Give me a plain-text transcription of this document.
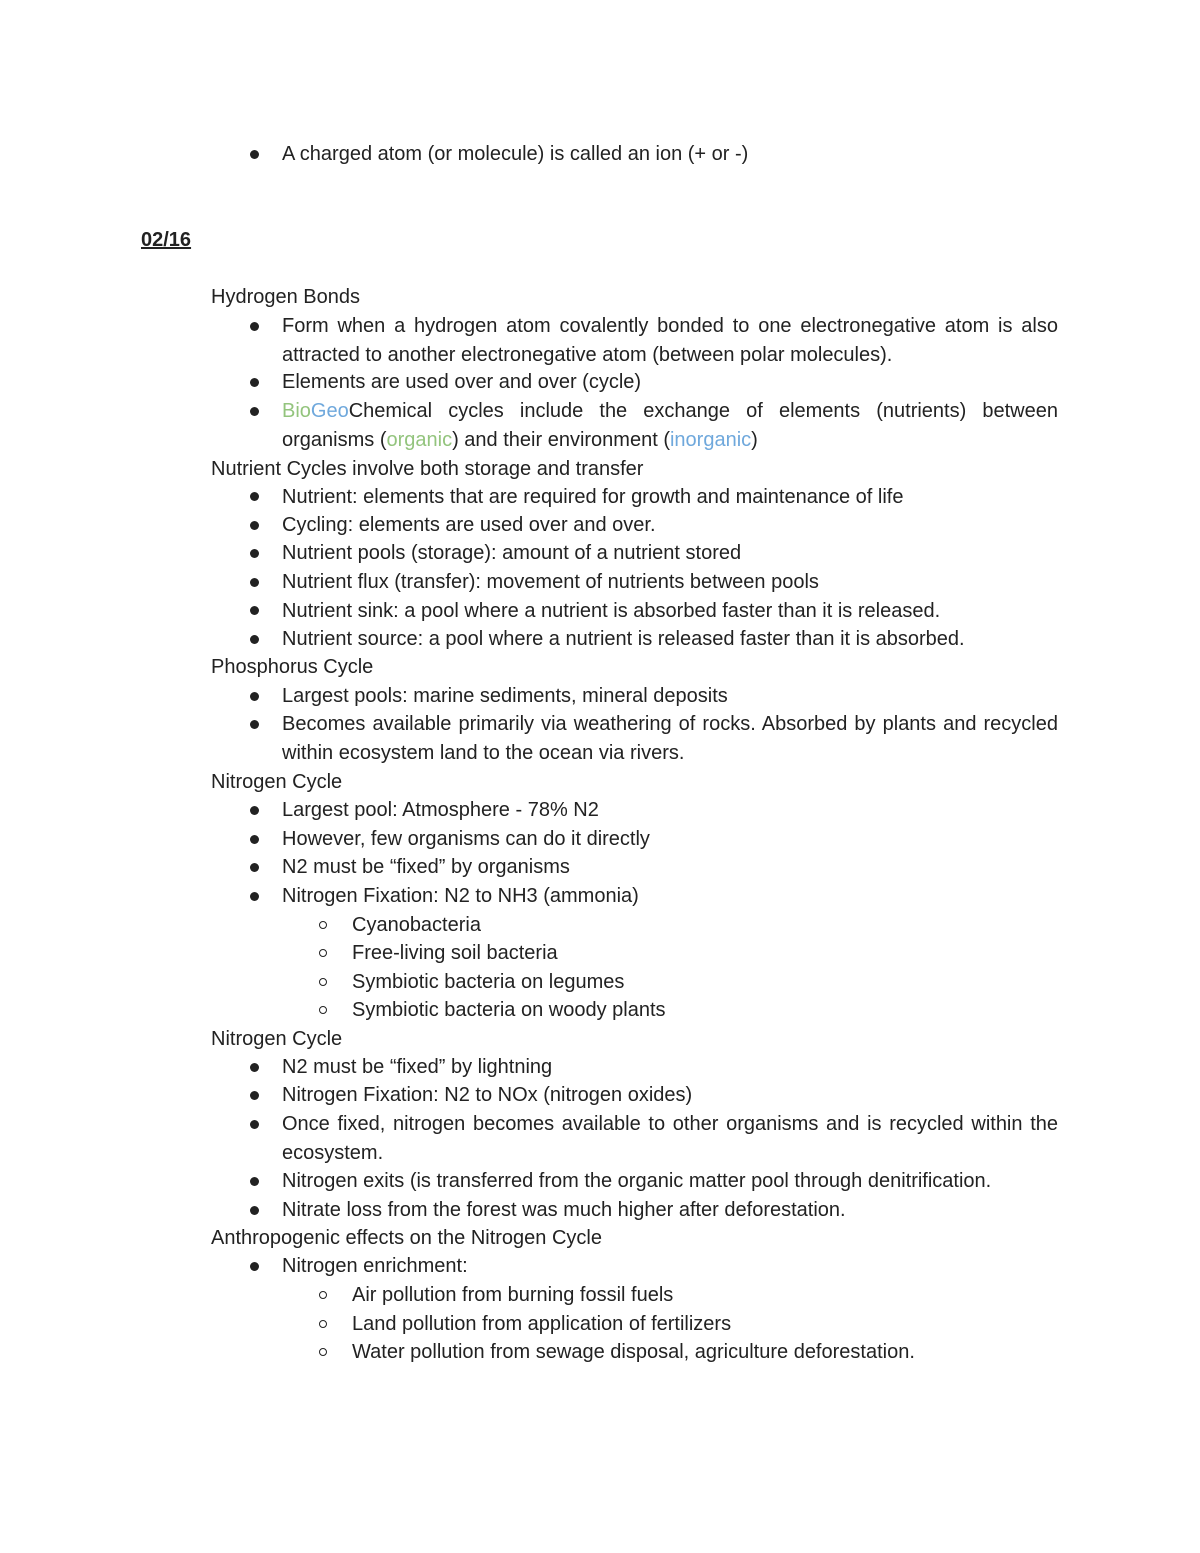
A charged atom (or molecule) is called an ion (+ or -)
02/16
Hydrogen Bonds
Form when a hydrogen atom covalently bonded to one electronegative atom is also attracted to another electronegative atom (between polar molecules).
Elements are used over and over (cycle)
BioGeoChemical cycles include the exchange of elements (nutrients) between organisms (organic) and their environment (inorganic)
Nutrient Cycles involve both storage and transfer
Nutrient: elements that are required for growth and maintenance of life
Cycling: elements are used over and over.
Nutrient pools (storage): amount of a nutrient stored
Nutrient flux (transfer): movement of nutrients between pools
Nutrient sink: a pool where a nutrient is absorbed faster than it is released.
Nutrient source: a pool where a nutrient is released faster than it is absorbed.
Phosphorus Cycle
Largest pools: marine sediments, mineral deposits
Becomes available primarily via weathering of rocks. Absorbed by plants and recycled within ecosystem land to the ocean via rivers.
Nitrogen Cycle
Largest pool: Atmosphere - 78% N2
However, few organisms can do it directly
N2 must be “fixed” by organisms
Nitrogen Fixation: N2 to NH3 (ammonia)
Cyanobacteria
Free-living soil bacteria
Symbiotic bacteria on legumes
Symbiotic bacteria on woody plants
Nitrogen Cycle
N2 must be “fixed” by lightning
Nitrogen Fixation: N2 to NOx (nitrogen oxides)
Once fixed, nitrogen becomes available to other organisms and is recycled within the ecosystem.
Nitrogen exits (is transferred from the organic matter pool through denitrification.
Nitrate loss from the forest was much higher after deforestation.
Anthropogenic effects on the Nitrogen Cycle
Nitrogen enrichment:
Air pollution from burning fossil fuels
Land pollution from application of fertilizers
Water pollution from sewage disposal, agriculture deforestation.
